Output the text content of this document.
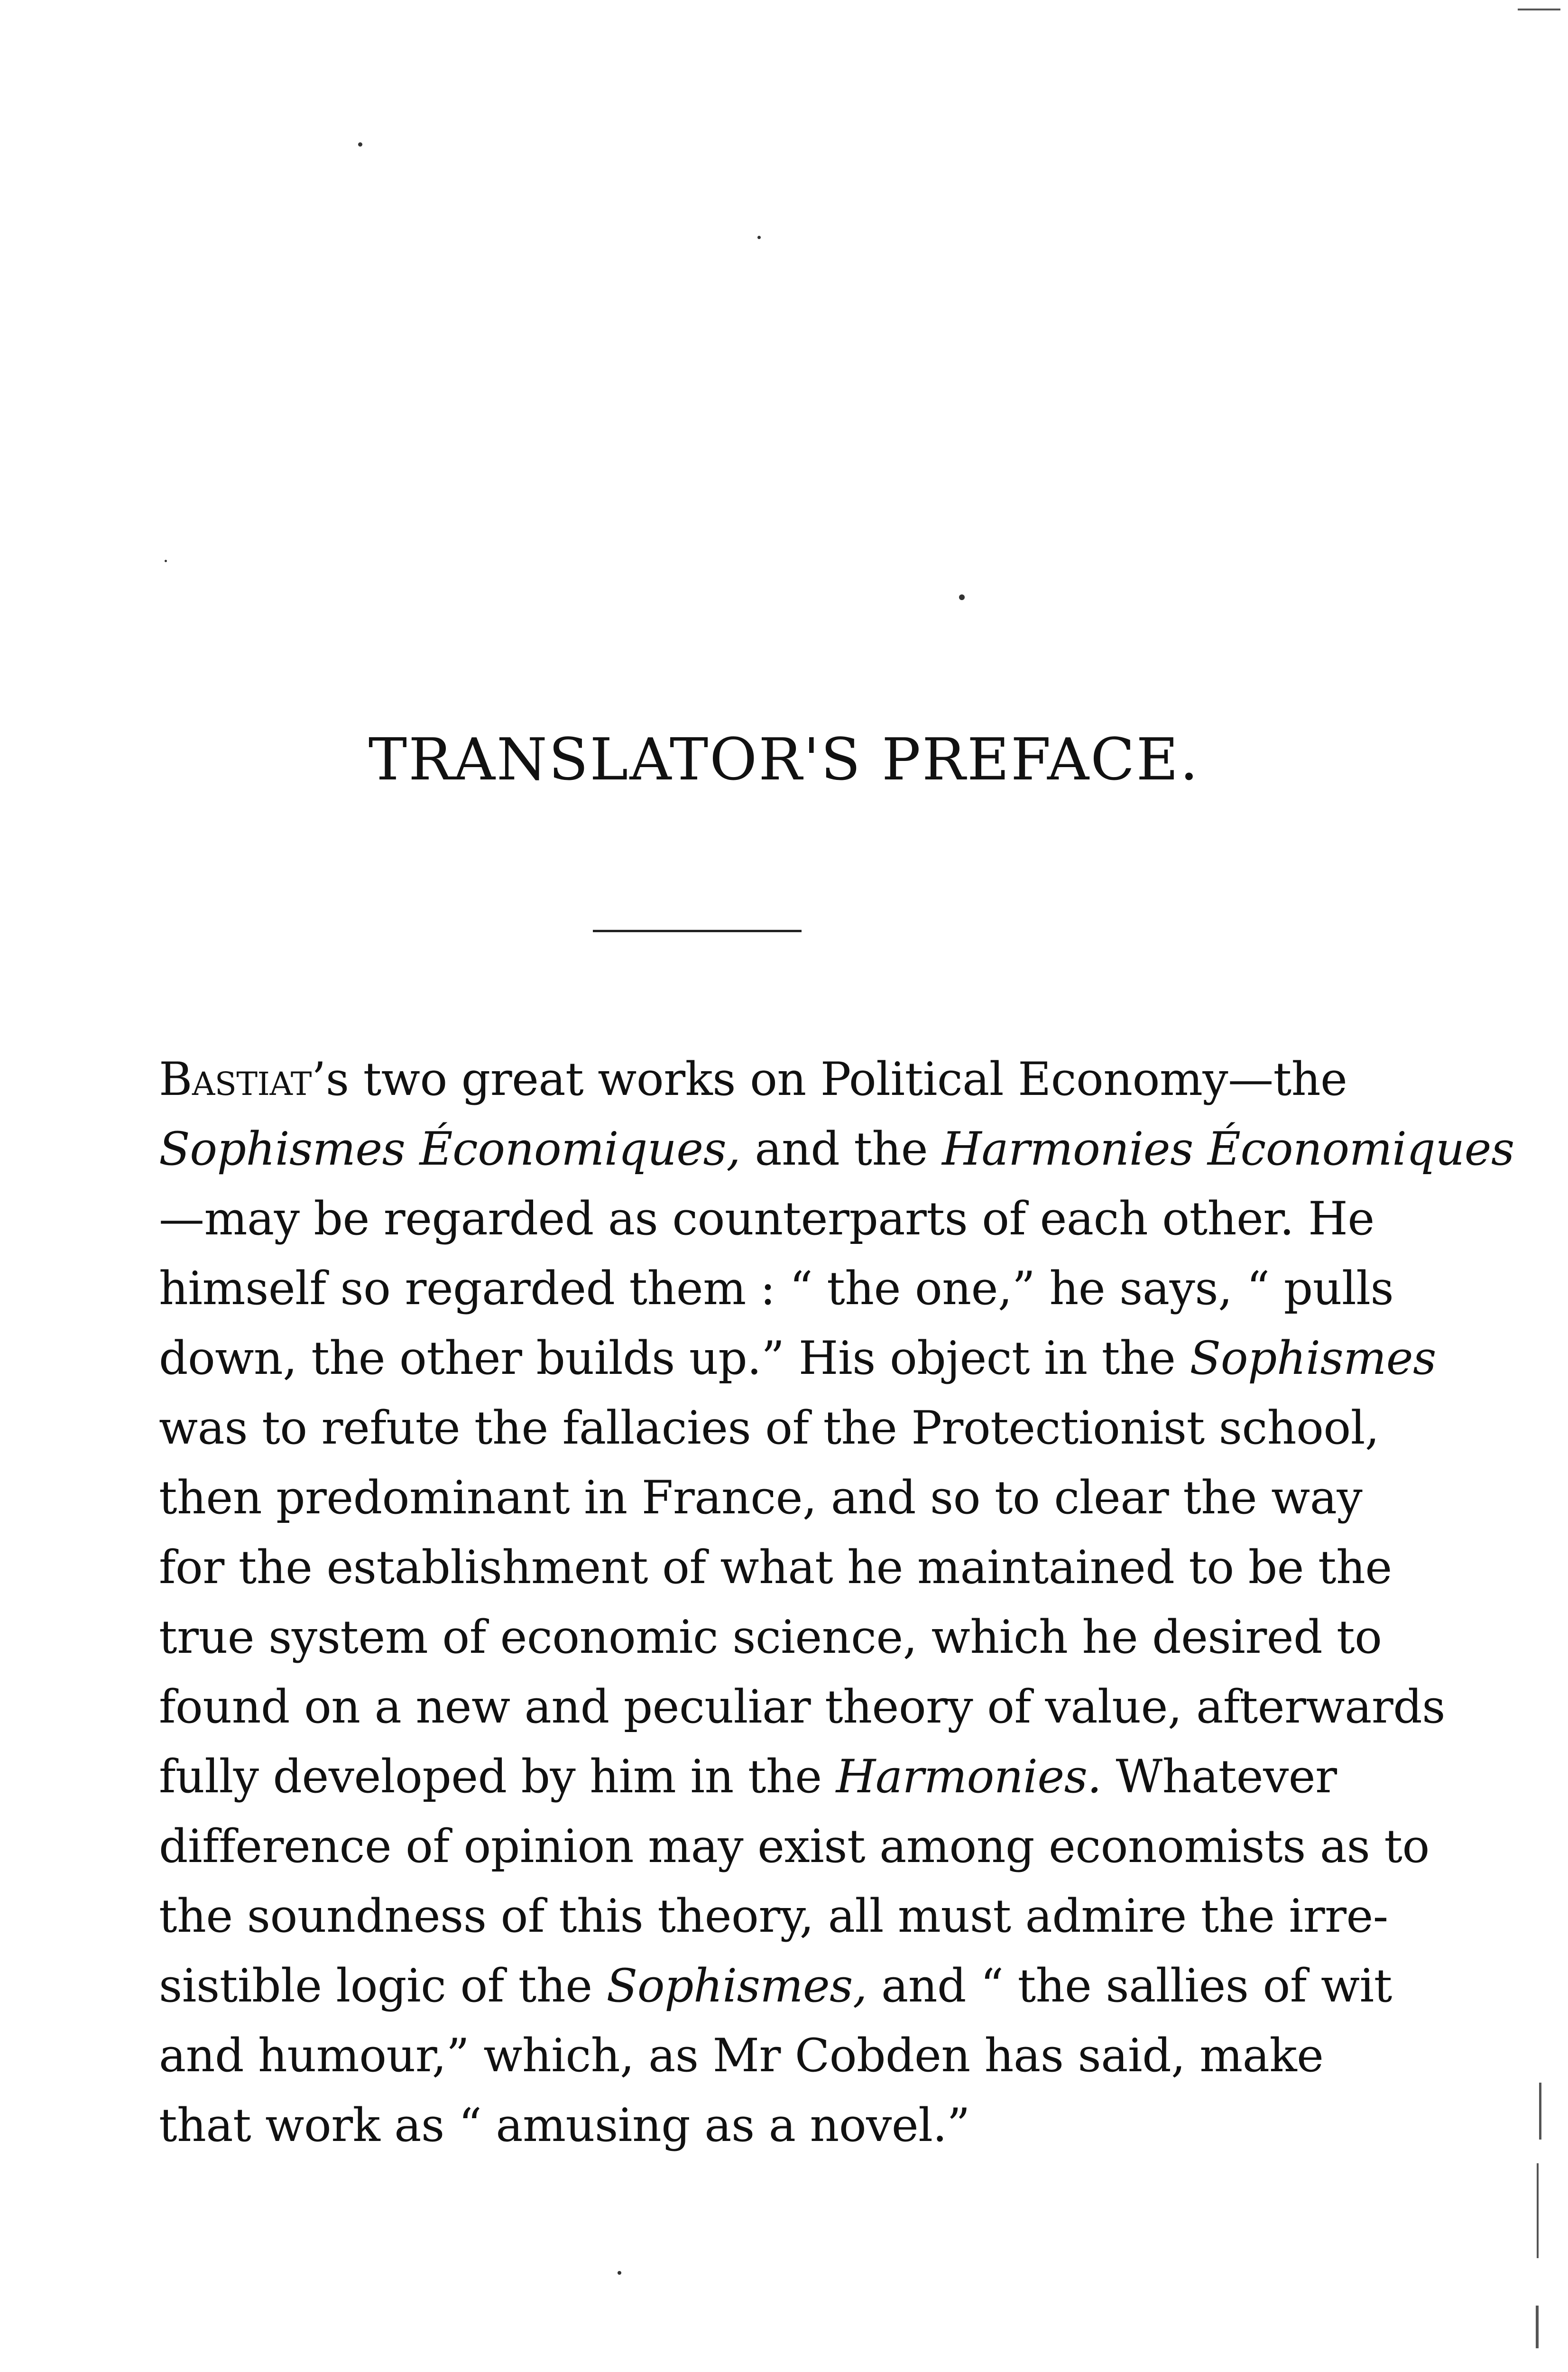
TRANSLATOR'S PREFACE.
Bastiat’s two great works on Political Economy—the
Sophismes Économiques, and the Harmonies Économiques
—may be regarded as counterparts of each other. He
himself so regarded them : “ the one,” he says, “ pulls
down, the other builds up.” His object in the Sophismes
was to refute the fallacies of the Protectionist school,
then predominant in France, and so to clear the way
for the establishment of what he maintained to be the
true system of economic science, which he desired to
found on a new and peculiar theory of value, afterwards
fully developed by him in the Harmonies. Whatever
difference of opinion may exist among economists as to
the soundness of this theory, all must admire the irre-
sistible logic of the Sophismes, and “ the sallies of wit
and humour,” which, as Mr Cobden has said, make
that work as “ amusing as a novel.”
